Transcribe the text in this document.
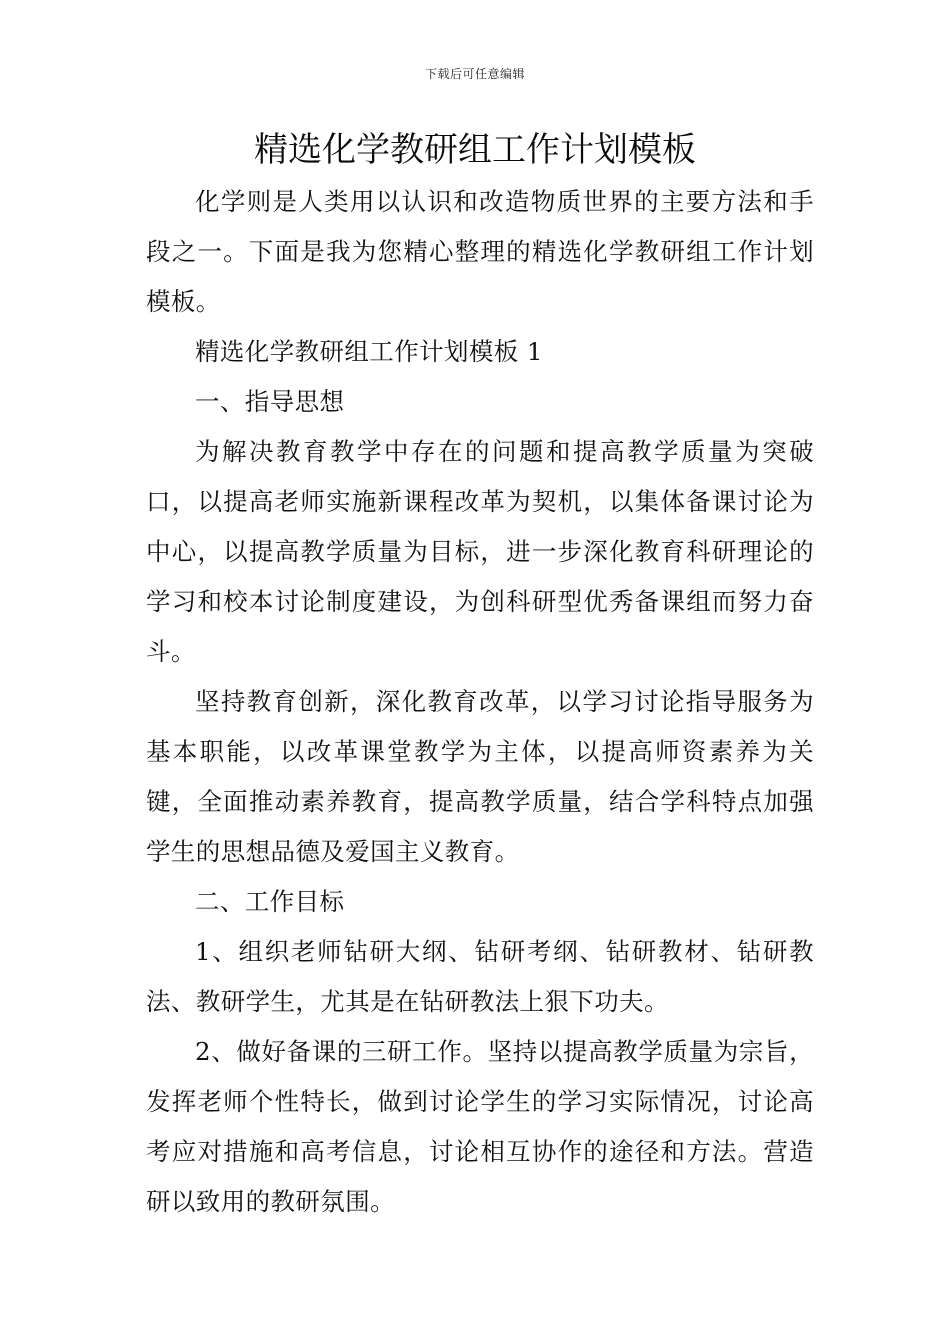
下载后可任意编辑
精选化学教研组工作计划模板

化学则是人类用以认识和改造物质世界的主要方法和手段之一。下面是我为您精心整理的精选化学教研组工作计划模板。

精选化学教研组工作计划模板 1

一、指导思想

为解决教育教学中存在的问题和提高教学质量为突破口，以提高老师实施新课程改革为契机，以集体备课讨论为中心，以提高教学质量为目标，进一步深化教育科研理论的学习和校本讨论制度建设，为创科研型优秀备课组而努力奋斗。

坚持教育创新，深化教育改革，以学习讨论指导服务为基本职能，以改革课堂教学为主体，以提高师资素养为关键，全面推动素养教育，提高教学质量，结合学科特点加强学生的思想品德及爱国主义教育。

二、工作目标

1、组织老师钻研大纲、钻研考纲、钻研教材、钻研教法、教研学生，尤其是在钻研教法上狠下功夫。

2、做好备课的三研工作。坚持以提高教学质量为宗旨，发挥老师个性特长，做到讨论学生的学习实际情况，讨论高考应对措施和高考信息，讨论相互协作的途径和方法。营造研以致用的教研氛围。
